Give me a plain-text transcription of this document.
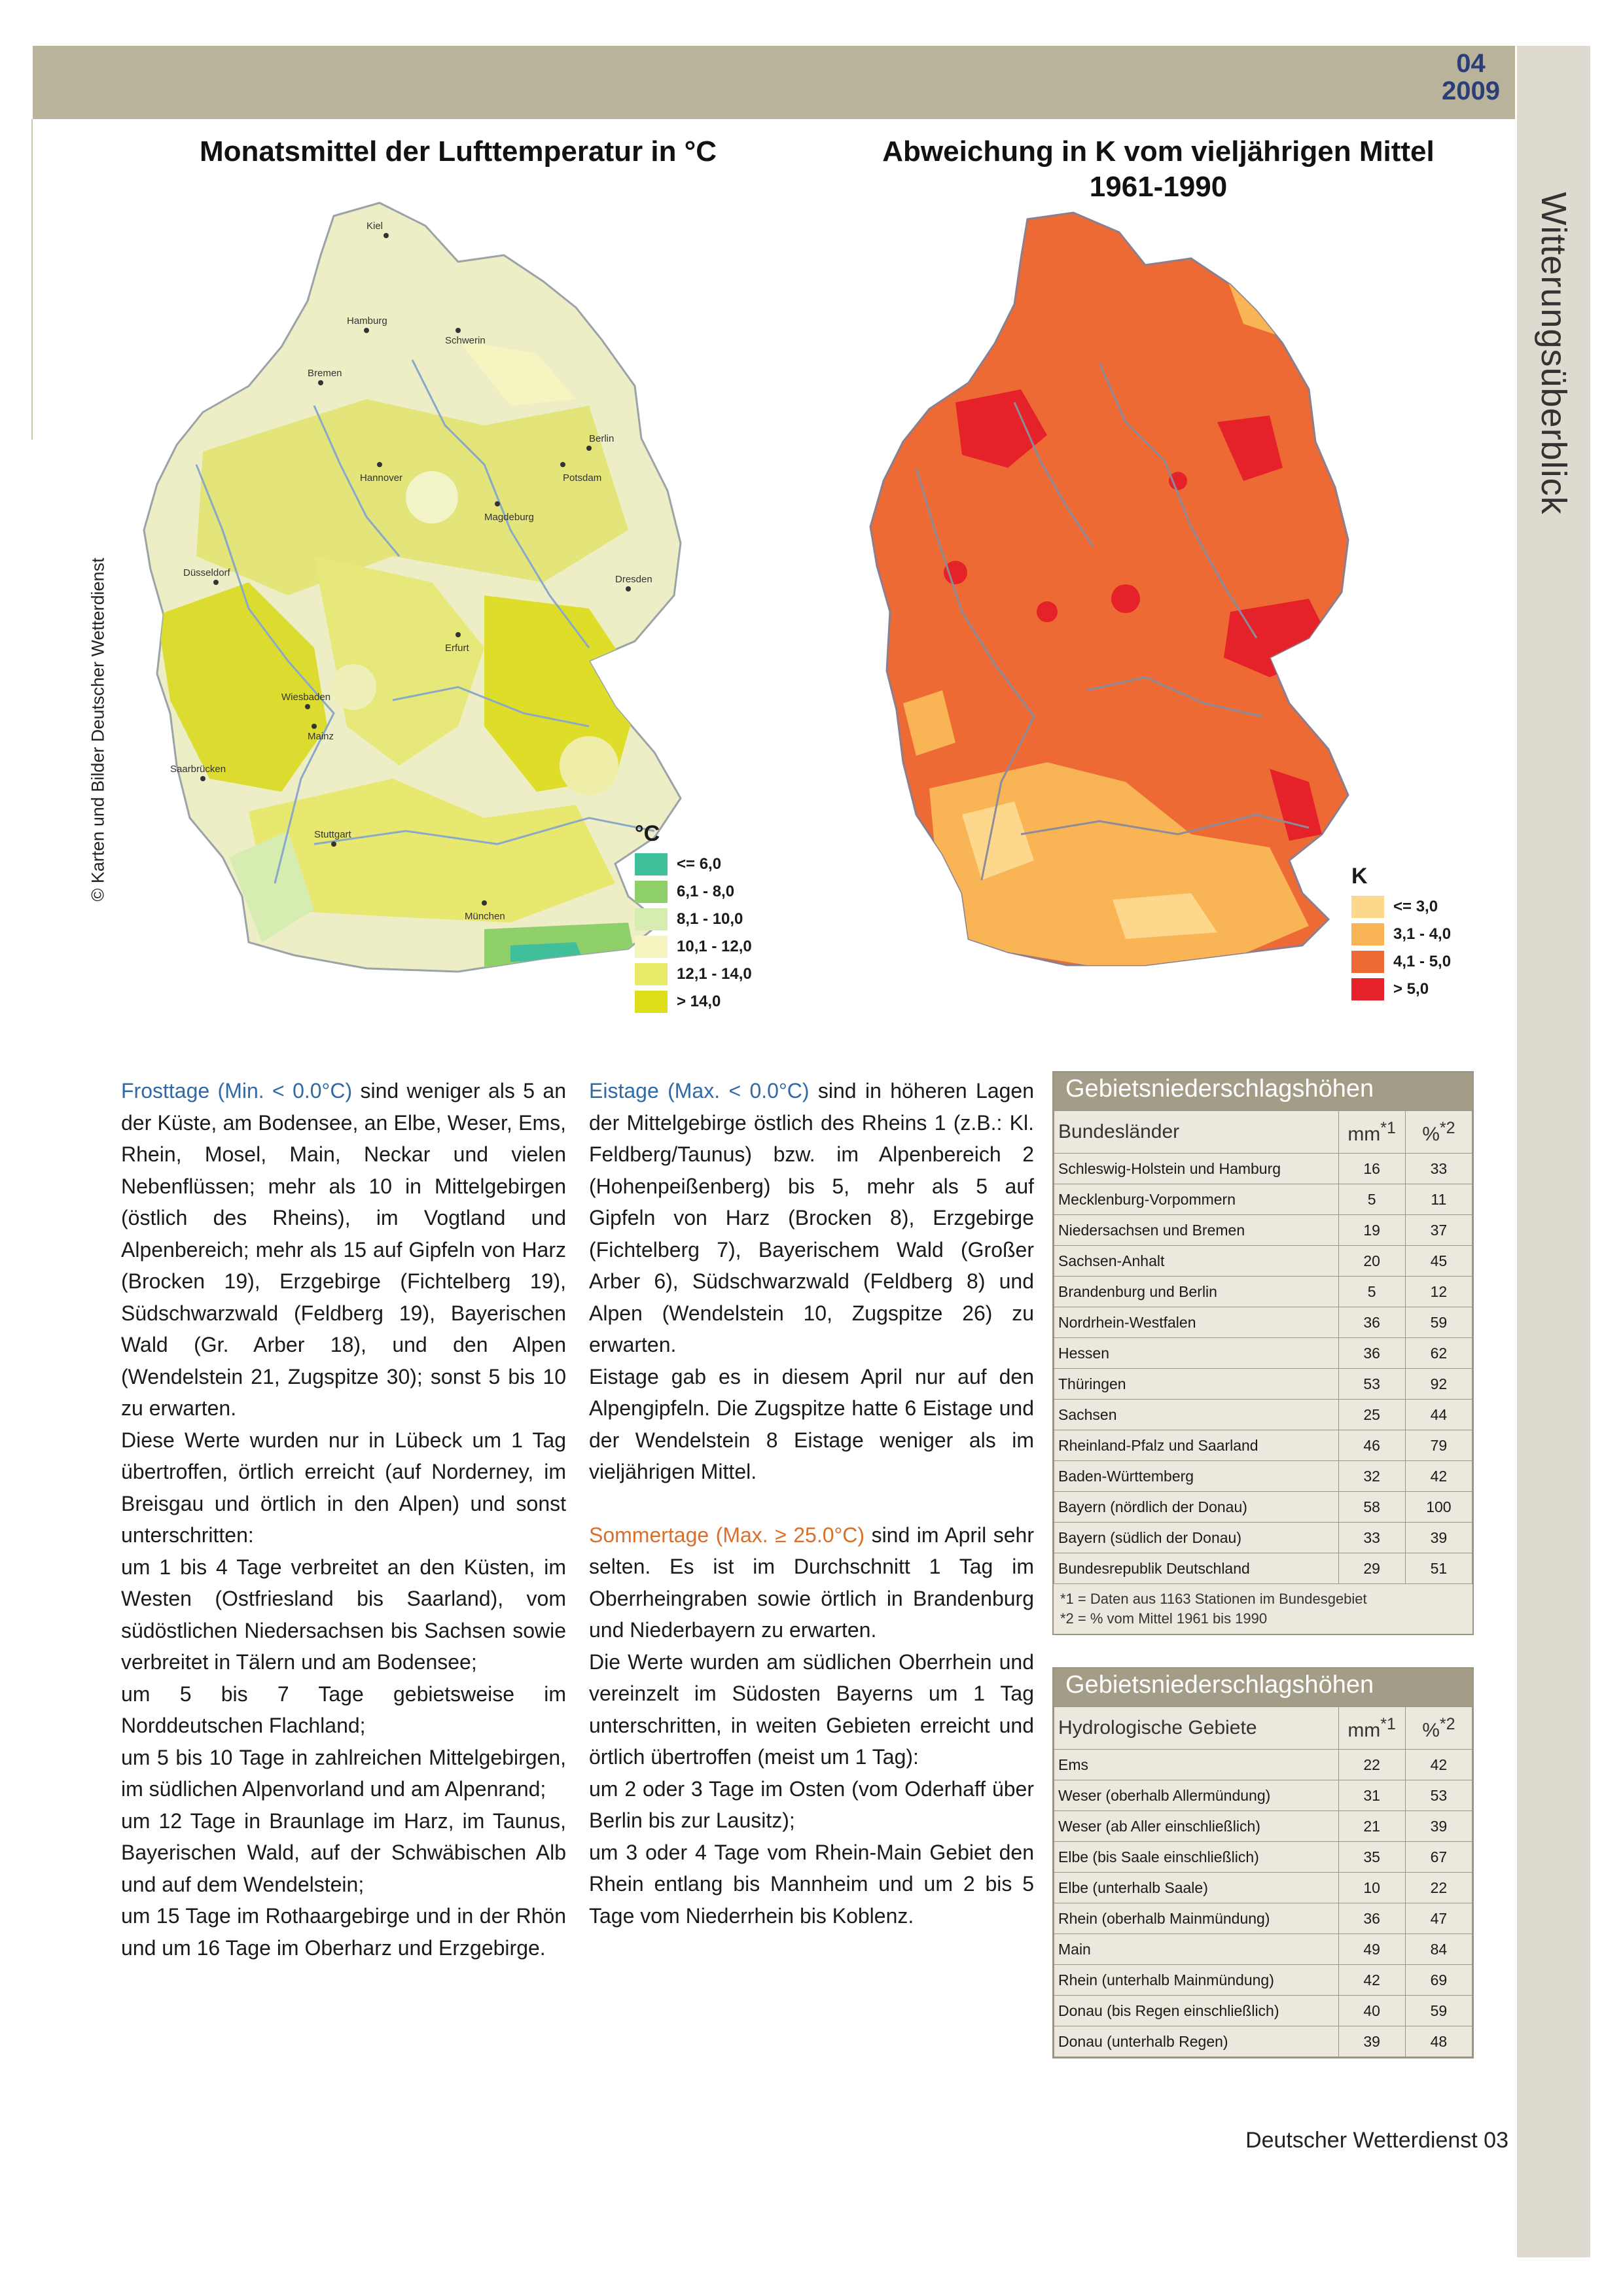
04
2009
Witterungsüberblick
© Karten und Bilder Deutscher Wetterdienst
Monatsmittel der Lufttemperatur in °C
Kiel
Hamburg
Schwerin
Bremen
Berlin
Hannover	Potsdam
Magdeburg
Düsseldorf
Dresden
Erfurt
Wiesbaden
Mainz
Saarbrücken
Stuttgart
München
°C
<= 6,0
6,1 - 8,0
8,1 - 10,0
10,1 - 12,0
12,1 - 14,0
> 14,0
Abweichung in K vom vieljährigen Mittel
1961-1990
K
<= 3,0
3,1 - 4,0
4,1 - 5,0
> 5,0

Frosttage (Min. < 0.0°C) sind weniger als 5 an der Küste, am Bodensee, an Elbe, Weser, Ems, Rhein, Mosel, Main, Neckar und vielen Nebenflüssen; mehr als 10 in Mittelgebirgen (östlich des Rheins), im Vogtland und Alpenbereich; mehr als 15 auf Gipfeln von Harz (Brocken 19), Erzgebirge (Fichtelberg 19), Südschwarzwald (Feldberg 19), Bayerischen Wald (Gr. Arber 18), und den Alpen (Wendelstein 21, Zugspitze 30); sonst 5 bis 10 zu erwarten.

Diese Werte wurden nur in Lübeck um 1 Tag übertroffen, örtlich erreicht (auf Norderney, im Breisgau und örtlich in den Alpen) und sonst unterschritten:

um 1 bis 4 Tage verbreitet an den Küsten, im Westen (Ostfriesland bis Saarland), vom südöstlichen Niedersachsen bis Sachsen sowie verbreitet in Tälern und am Bodensee;

um 5 bis 7 Tage gebietsweise im Norddeutschen Flachland;

um 5 bis 10 Tage in zahlreichen Mittelgebirgen, im südlichen Alpenvorland und am Alpenrand;

um 12 Tage in Braunlage im Harz, im Taunus, Bayerischen Wald, auf der Schwäbischen Alb und auf dem Wendelstein;

um 15 Tage im Rothaargebirge und in der Rhön und um 16 Tage im Oberharz und Erzgebirge.

Eistage (Max. < 0.0°C) sind in höheren Lagen der Mittelgebirge östlich des Rheins 1 (z.B.: Kl. Feldberg/Taunus) bzw. im Alpenbereich 2 (Hohenpeißenberg) bis 5, mehr als 5 auf Gipfeln von Harz (Brocken 8), Erzgebirge (Fichtelberg 7), Bayerischem Wald (Großer Arber 6), Südschwarzwald (Feldberg 8) und Alpen (Wendelstein 10, Zugspitze 26) zu erwarten.

Eistage gab es in diesem April nur auf den Alpengipfeln. Die Zugspitze hatte 6 Eistage und der Wendelstein 8 Eistage weniger als im vieljährigen Mittel.

Sommertage (Max. ≥ 25.0°C) sind im April sehr selten. Es ist im Durchschnitt 1 Tag im Oberrheingraben sowie örtlich in Brandenburg und Niederbayern zu erwarten.

Die Werte wurden am südlichen Oberrhein und vereinzelt im Südosten Bayerns um 1 Tag unterschritten, in weiten Gebieten erreicht und örtlich übertroffen (meist um 1 Tag):

um 2 oder 3 Tage im Osten (vom Oderhaff über Berlin bis zur Lausitz);

um 3 oder 4 Tage vom Rhein-Main Gebiet den Rhein entlang bis Mannheim und um 2 bis 5 Tage vom Niederrhein bis Koblenz.

Gebietsniederschlagshöhen
Bundesländer	$mm^{*1}$	%$^{*2}$
Schleswig-Holstein und Hamburg	16	33
Mecklenburg-Vorpommern	5	11
Niedersachsen und Bremen	19	37
Sachsen-Anhalt	20	45
Brandenburg und Berlin	5	12
Nordrhein-Westfalen	36	59
Hessen	36	62
Thüringen	53	92
Sachsen	25	44
Rheinland-Pfalz und Saarland	46	79
Baden-Württemberg	32	42
Bayern (nördlich der Donau)	58	100
Bayern (südlich der Donau)	33	39
Bundesrepublik Deutschland	29	51
*1 = Daten aus 1163 Stationen im Bundesgebiet
*2 = % vom Mittel 1961 bis 1990
Gebietsniederschlagshöhen
Hydrologische Gebiete	$mm^{*1}$	%$^{*2}$
Ems	22	42
Weser (oberhalb Allermündung)	31	53
Weser (ab Aller einschließlich)	21	39
Elbe (bis Saale einschließlich)	35	67
Elbe (unterhalb Saale)	10	22
Rhein (oberhalb Mainmündung)	36	47
Main	49	84
Rhein (unterhalb Mainmündung)	42	69
Donau (bis Regen einschließlich)	40	59
Donau (unterhalb Regen)	39	48
Deutscher Wetterdienst 03
